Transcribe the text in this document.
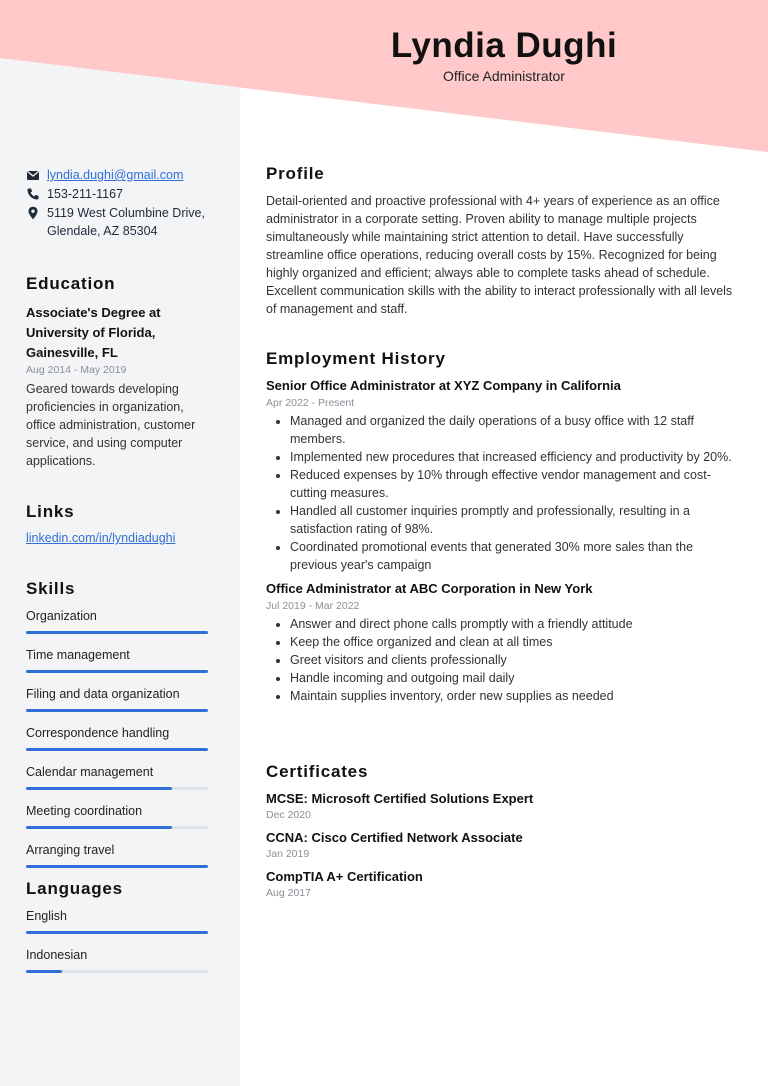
Lyndia Dughi
Office Administrator
lyndia.dughi@gmail.com
153-211-1167
5119 West Columbine Drive,
Glendale, AZ 85304
Education
Associate's Degree at University of Florida, Gainesville, FL
Aug 2014 - May 2019
Geared towards developing proficiencies in organization, office administration, customer service, and using computer applications.
Links
linkedin.com/in/lyndiadughi
Skills
Organization
Time management
Filing and data organization
Correspondence handling
Calendar management
Meeting coordination
Arranging travel
Languages
English
Indonesian
Profile

Detail-oriented and proactive professional with 4+ years of experience as an office administrator in a corporate setting. Proven ability to manage multiple projects simultaneously while maintaining strict attention to detail. Have successfully streamline office operations, reducing overall costs by 15%. Recognized for being highly organized and efficient; always able to complete tasks ahead of schedule. Excellent communication skills with the ability to interact professionally with all levels of management and staff.

Employment History
Senior Office Administrator at XYZ Company in California
Apr 2022 - Present
• Managed and organized the daily operations of a busy office with 12 staff members.
• Implemented new procedures that increased efficiency and productivity by 20%.
• Reduced expenses by 10% through effective vendor management and cost-cutting measures.
• Handled all customer inquiries promptly and professionally, resulting in a satisfaction rating of 98%.
• Coordinated promotional events that generated 30% more sales than the previous year's campaign
Office Administrator at ABC Corporation in New York
Jul 2019 - Mar 2022
• Answer and direct phone calls promptly with a friendly attitude
• Keep the office organized and clean at all times
• Greet visitors and clients professionally
• Handle incoming and outgoing mail daily
• Maintain supplies inventory, order new supplies as needed
Certificates
MCSE: Microsoft Certified Solutions Expert
Dec 2020
CCNA: Cisco Certified Network Associate
Jan 2019
CompTIA A+ Certification
Aug 2017
